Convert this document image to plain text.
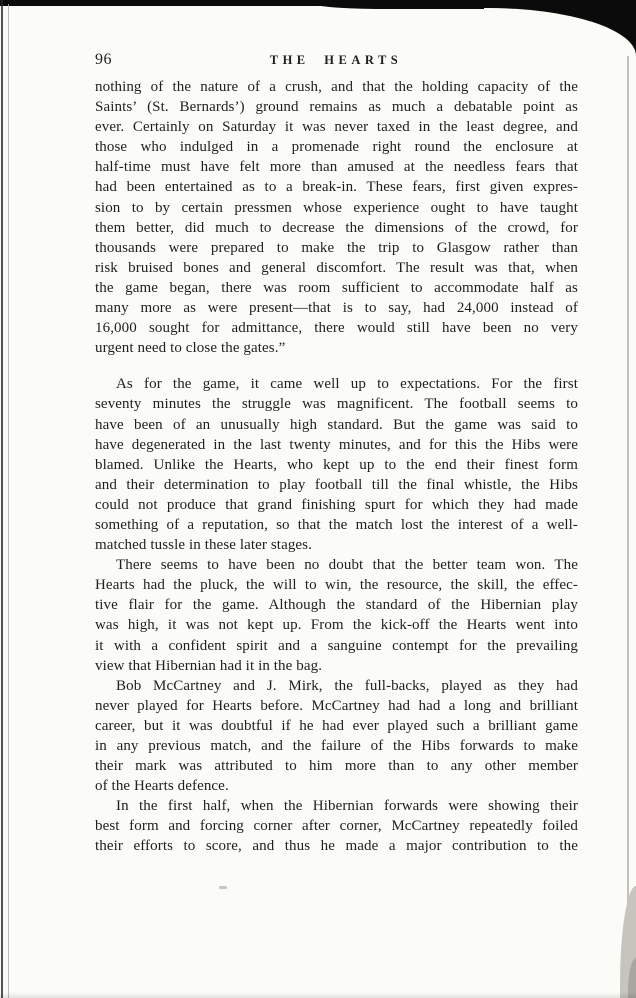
96	THE HEARTS
nothing of the nature of a crush, and that the holding capacity of the
Saints’ (St. Bernards’) ground remains as much a debatable point as
ever. Certainly on Saturday it was never taxed in the least degree, and
those who indulged in a promenade right round the enclosure at
half-time must have felt more than amused at the needless fears that
had been entertained as to a break-in. These fears, first given expres-
sion to by certain pressmen whose experience ought to have taught
them better, did much to decrease the dimensions of the crowd, for
thousands were prepared to make the trip to Glasgow rather than
risk bruised bones and general discomfort. The result was that, when
the game began, there was room sufficient to accommodate half as
many more as were present—that is to say, had 24,000 instead of
16,000 sought for admittance, there would still have been no very
urgent need to close the gates.”
As for the game, it came well up to expectations. For the first
seventy minutes the struggle was magnificent. The football seems to
have been of an unusually high standard. But the game was said to
have degenerated in the last twenty minutes, and for this the Hibs were
blamed. Unlike the Hearts, who kept up to the end their finest form
and their determination to play football till the final whistle, the Hibs
could not produce that grand finishing spurt for which they had made
something of a reputation, so that the match lost the interest of a well-
matched tussle in these later stages.
There seems to have been no doubt that the better team won. The
Hearts had the pluck, the will to win, the resource, the skill, the effec-
tive flair for the game. Although the standard of the Hibernian play
was high, it was not kept up. From the kick-off the Hearts went into
it with a confident spirit and a sanguine contempt for the prevailing
view that Hibernian had it in the bag.
Bob McCartney and J. Mirk, the full-backs, played as they had
never played for Hearts before. McCartney had had a long and brilliant
career, but it was doubtful if he had ever played such a brilliant game
in any previous match, and the failure of the Hibs forwards to make
their mark was attributed to him more than to any other member
of the Hearts defence.
In the first half, when the Hibernian forwards were showing their
best form and forcing corner after corner, McCartney repeatedly foiled
their efforts to score, and thus he made a major contribution to the
